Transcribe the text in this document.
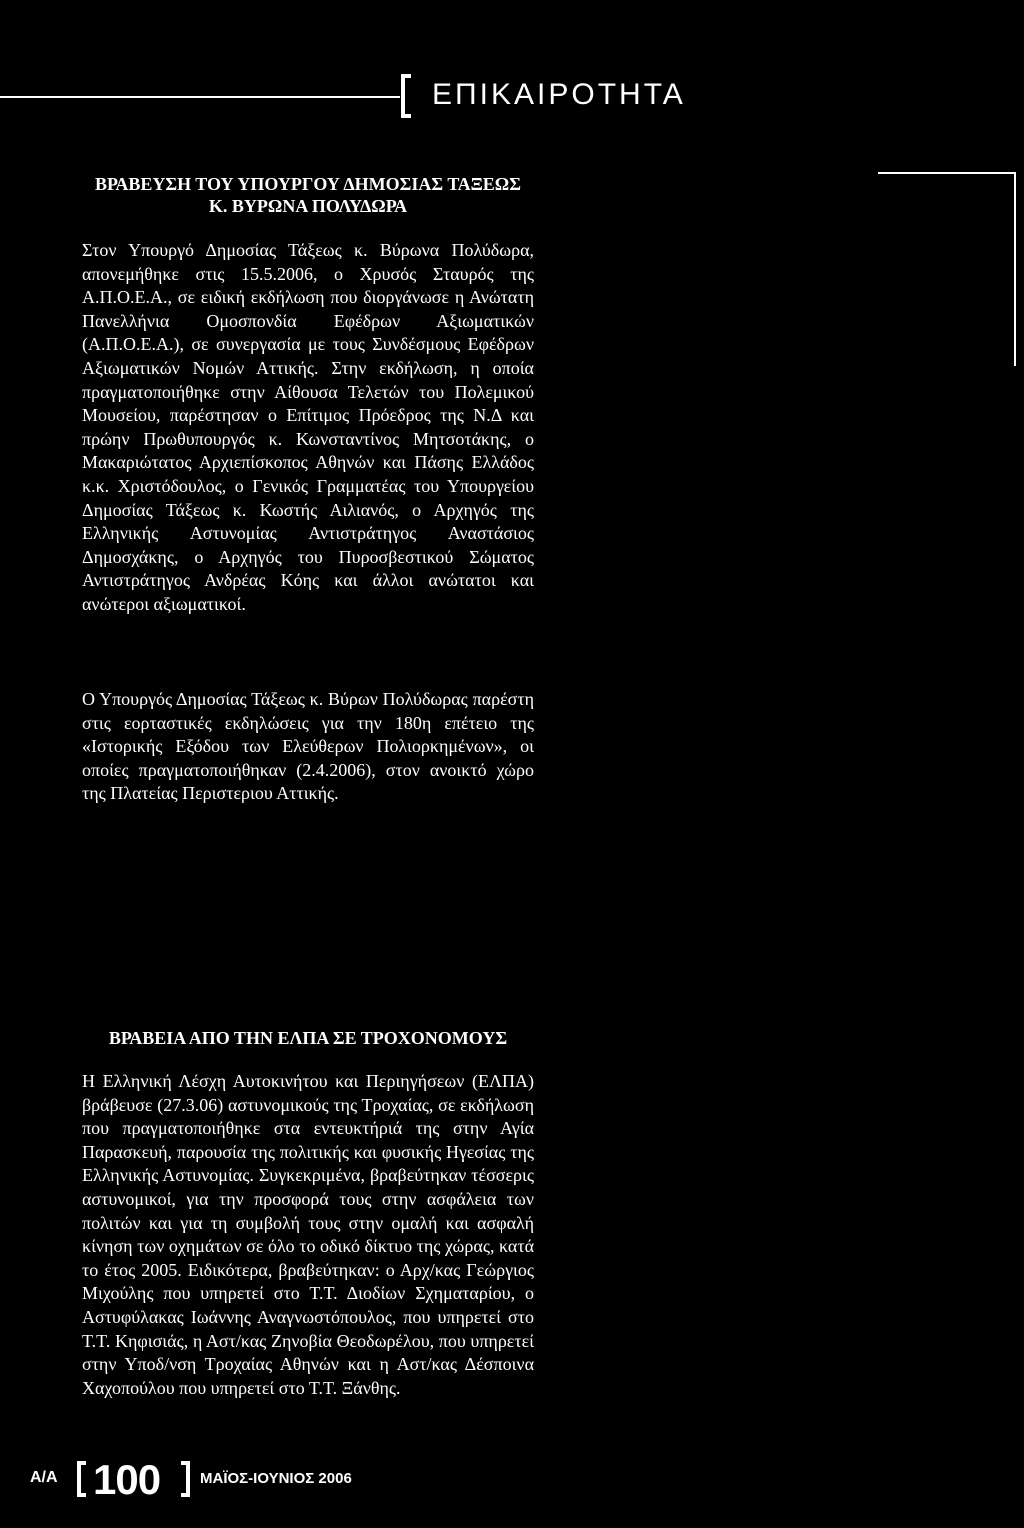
ΕΠΙΚΑΙΡΟΤΗΤΑ

ΒΡΑΒΕΥΣΗ ΤΟΥ ΥΠΟΥΡΓΟΥ ΔΗΜΟΣΙΑΣ ΤΑΞΕΩΣ

Κ. ΒΥΡΩΝΑ ΠΟΛΥΔΩΡΑ

Στον Υπουργό Δημοσίας Τάξεως κ. Βύρωνα Πολύδωρα, απονεμήθηκε στις 15.5.2006, ο Χρυσός Σταυρός της Α.Π.Ο.Ε.Α., σε ειδική εκδήλωση που διοργάνωσε η Ανώτατη Πανελλήνια Ομοσπονδία Εφέδρων Αξιωματικών (Α.Π.Ο.Ε.Α.), σε συνεργασία με τους Συνδέσμους Εφέδρων Αξιωματικών Νομών Αττικής. Στην εκδήλωση, η οποία πραγματοποιήθηκε στην Αίθουσα Τελετών του Πολεμικού Μουσείου, παρέστησαν ο Επίτιμος Πρόεδρος της Ν.Δ και πρώην Πρωθυπουργός κ. Κωνσταντίνος Μητσοτάκης, ο Μακαριώτατος Αρχιεπίσκοπος Αθηνών και Πάσης Ελλάδος κ.κ. Χριστόδουλος, ο Γενικός Γραμματέας του Υπουργείου Δημοσίας Τάξεως κ. Κωστής Αιλιανός, ο Αρχηγός της Ελληνικής Αστυνομίας Αντιστράτηγος Αναστάσιος Δημοσχάκης, ο Αρχηγός του Πυροσβεστικού Σώματος Αντιστράτηγος Ανδρέας Κόης και άλλοι ανώτατοι και ανώτεροι αξιωματικοί.

Ο Υπουργός Δημοσίας Τάξεως κ. Βύρων Πολύδωρας παρέστη στις εορταστικές εκδηλώσεις για την 180η επέτειο της «Ιστορικής Εξόδου των Ελεύθερων Πολιορκημένων», οι οποίες πραγματοποιήθηκαν (2.4.2006), στον ανοικτό χώρο της Πλατείας Περιστεριου Αττικής.

ΒΡΑΒΕΙΑ ΑΠΟ ΤΗΝ ΕΛΠΑ ΣΕ ΤΡΟΧΟΝΟΜΟΥΣ

Η Ελληνική Λέσχη Αυτοκινήτου και Περιηγήσεων (ΕΛΠΑ) βράβευσε (27.3.06) αστυνομικούς της Τροχαίας, σε εκδήλωση που πραγματοποιήθηκε στα εντευκτήριά της στην Αγία Παρασκευή, παρουσία της πολιτικής και φυσικής Ηγεσίας της Ελληνικής Αστυνομίας. Συγκεκριμένα, βραβεύτηκαν τέσσερις αστυνομικοί, για την προσφορά τους στην ασφάλεια των πολιτών και για τη συμβολή τους στην ομαλή και ασφαλή κίνηση των οχημάτων σε όλο το οδικό δίκτυο της χώρας, κατά το έτος 2005. Ειδικότερα, βραβεύτηκαν: ο Αρχ/κας Γεώργιος Μιχούλης που υπηρετεί στο Τ.Τ. Διοδίων Σχηματαρίου, ο Αστυφύλακας Ιωάννης Αναγνωστόπουλος, που υπηρετεί στο Τ.Τ. Κηφισιάς, η Αστ/κας Ζηνοβία Θεοδωρέλου, που υπηρετεί στην Υποδ/νση Τροχαίας Αθηνών και η Αστ/κας Δέσποινα Χαχοπούλου που υπηρετεί στο Τ.Τ. Ξάνθης.

Α/Α 100	ΜΑΪΟΣ-ΙΟΥΝΙΟΣ 2006
